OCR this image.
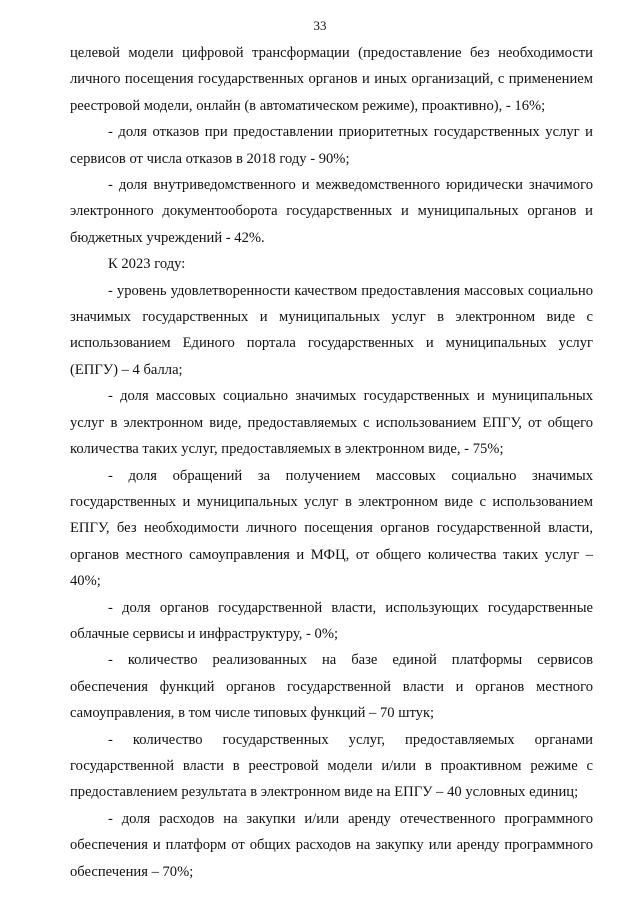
33

целевой модели цифровой трансформации (предоставление без необходимости личного посещения государственных органов и иных организаций, с применением реестровой модели, онлайн (в автоматическом режиме), проактивно), - 16%;

- доля отказов при предоставлении приоритетных государственных услуг и сервисов от числа отказов в 2018 году - 90%;

- доля внутриведомственного и межведомственного юридически значимого электронного документооборота государственных и муниципальных органов и бюджетных учреждений - 42%.

К 2023 году:

- уровень удовлетворенности качеством предоставления массовых социально значимых государственных и муниципальных услуг в электронном виде с использованием Единого портала государственных и муниципальных услуг (ЕПГУ) – 4 балла;

- доля массовых социально значимых государственных и муниципальных услуг в электронном виде, предоставляемых с использованием ЕПГУ, от общего количества таких услуг, предоставляемых в электронном виде, - 75%;

- доля обращений за получением массовых социально значимых государственных и муниципальных услуг в электронном виде с использованием ЕПГУ, без необходимости личного посещения органов государственной власти, органов местного самоуправления и МФЦ, от общего количества таких услуг – 40%;

- доля органов государственной власти, использующих государственные облачные сервисы и инфраструктуру, - 0%;

- количество реализованных на базе единой платформы сервисов обеспечения функций органов государственной власти и органов местного самоуправления, в том числе типовых функций – 70 штук;

- количество государственных услуг, предоставляемых органами государственной власти в реестровой модели и/или в проактивном режиме с предоставлением результата в электронном виде на ЕПГУ – 40 условных единиц;

- доля расходов на закупки и/или аренду отечественного программного обеспечения и платформ от общих расходов на закупку или аренду программного обеспечения – 70%;
